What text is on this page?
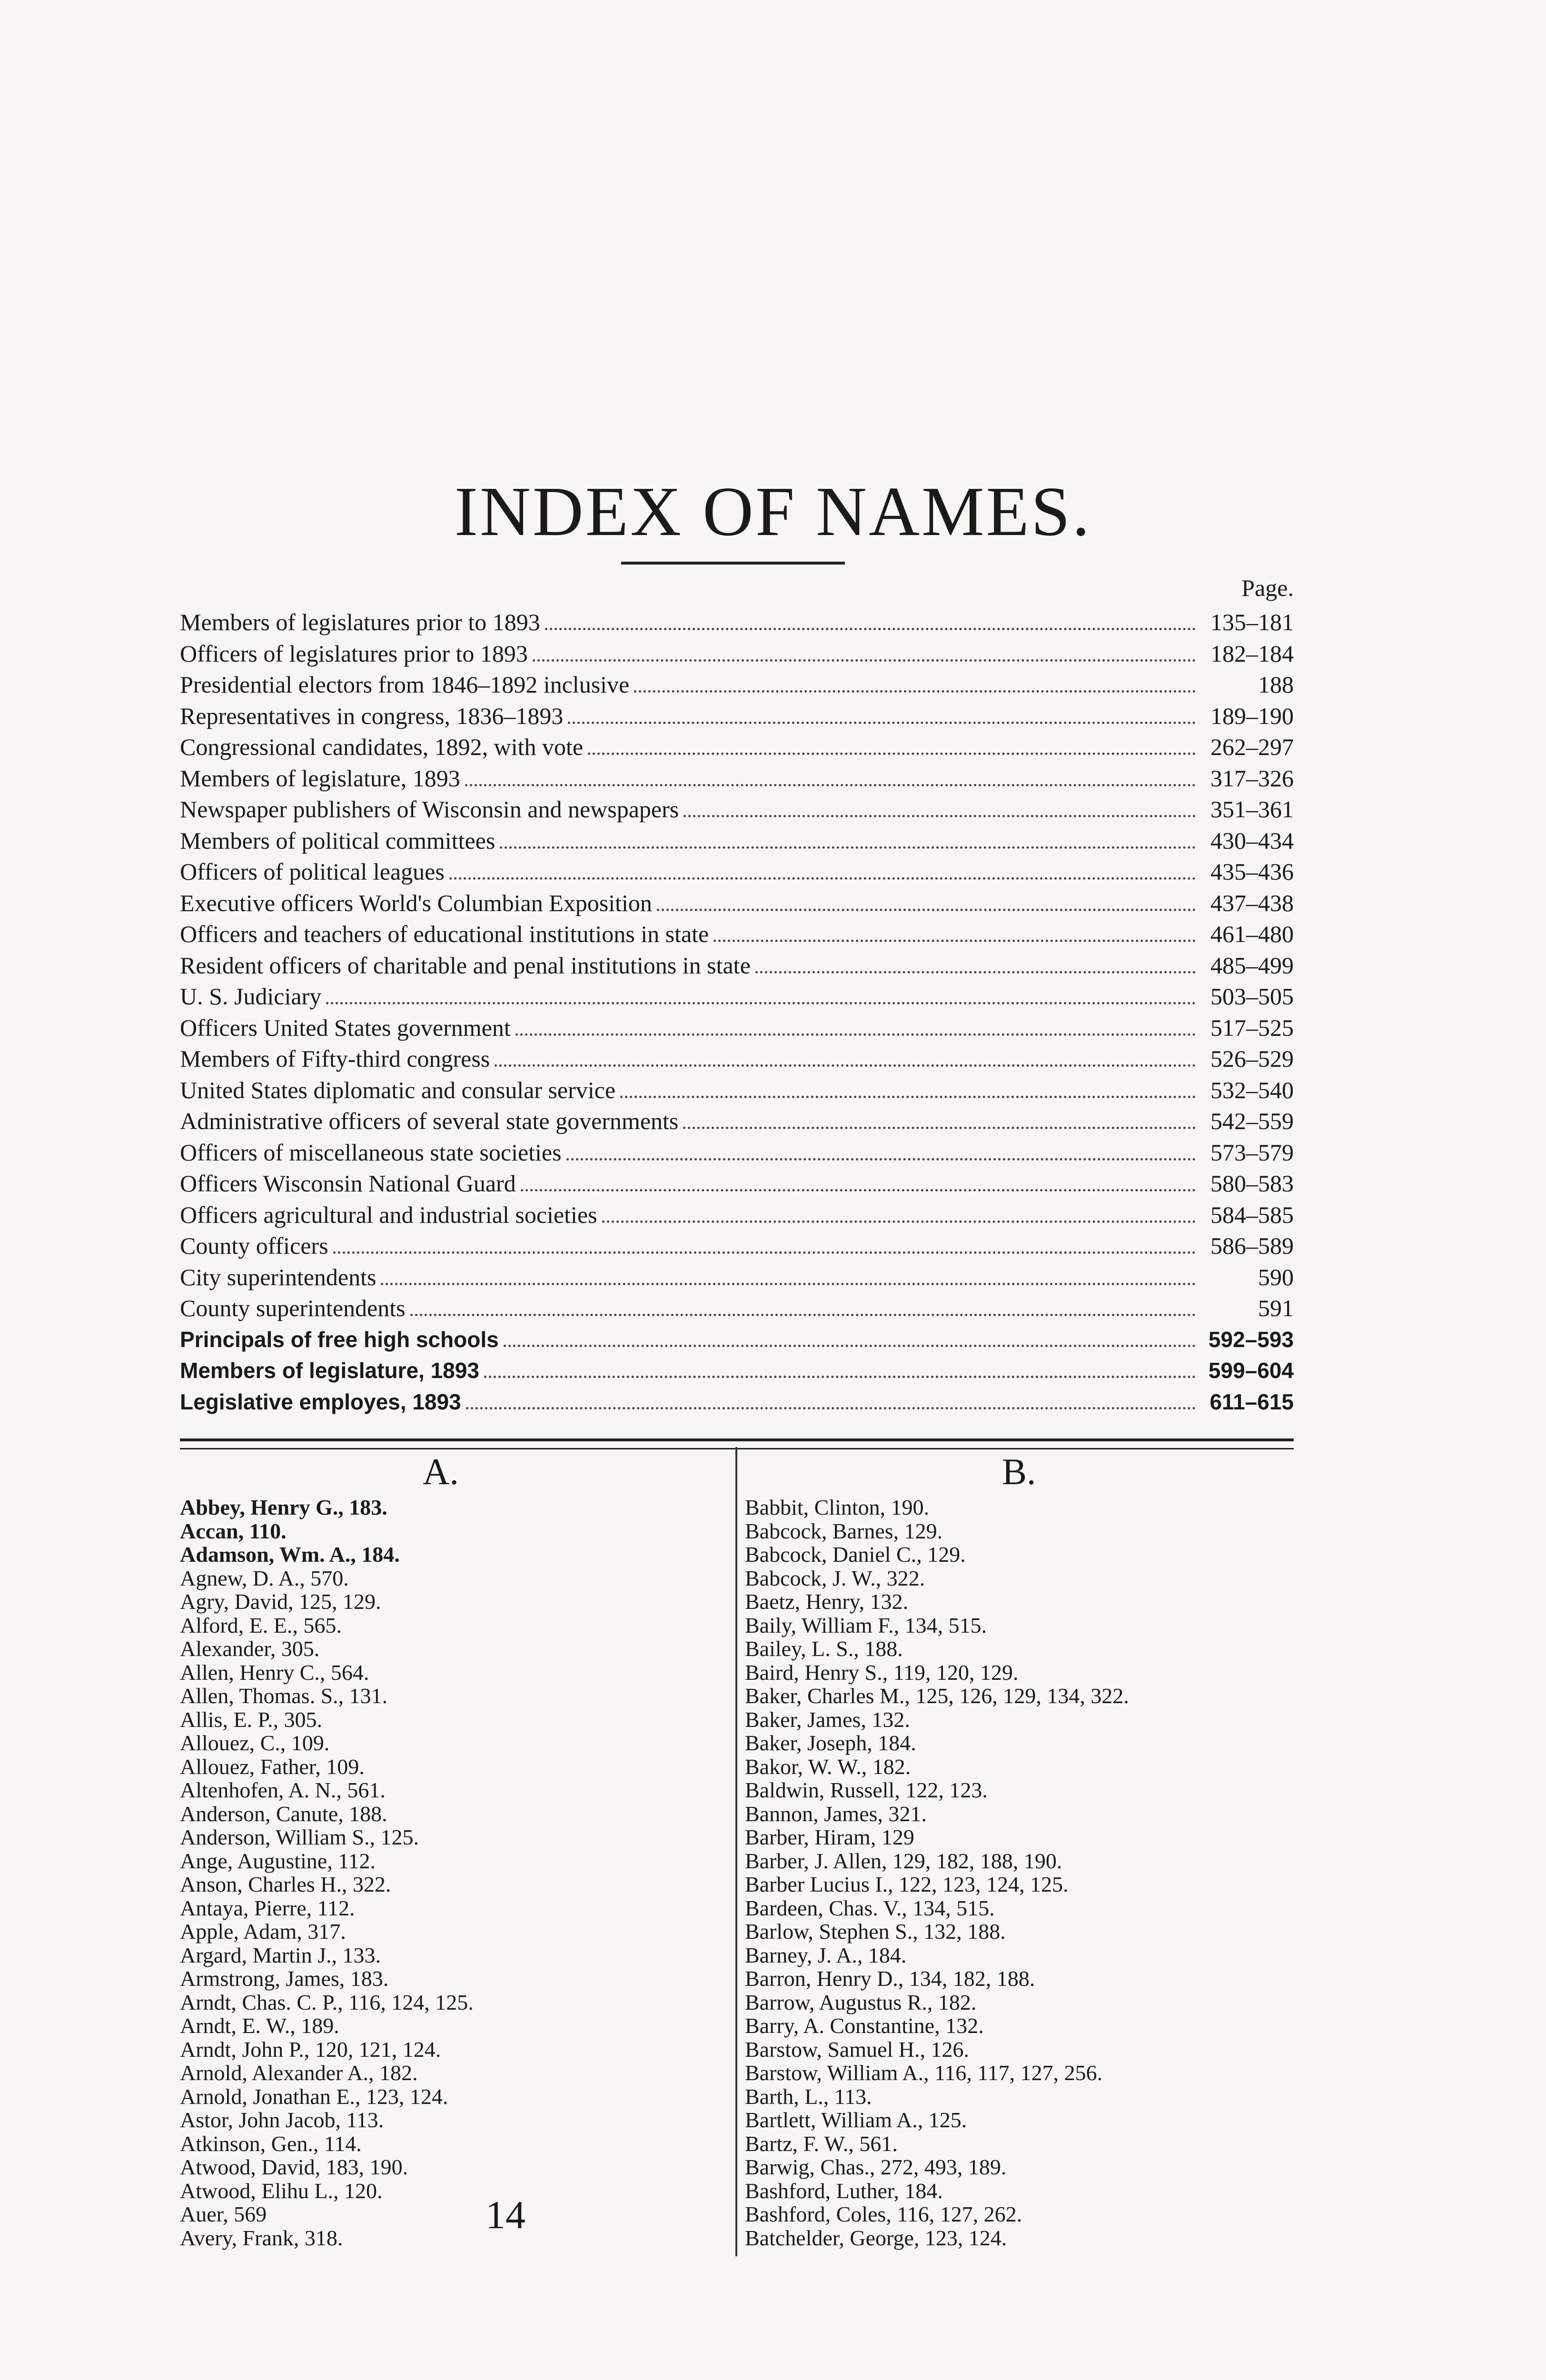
INDEX OF NAMES.
Page.
Members of legislatures prior to 1893	135–181
Officers of legislatures prior to 1893	182–184
Presidential electors from 1846–1892 inclusive	188
Representatives in congress, 1836–1893	189–190
Congressional candidates, 1892, with vote	262–297
Members of legislature, 1893	317–326
Newspaper publishers of Wisconsin and newspapers	351–361
Members of political committees	430–434
Officers of political leagues	435–436
Executive officers World's Columbian Exposition	437–438
Officers and teachers of educational institutions in state	461–480
Resident officers of charitable and penal institutions in state	485–499
U. S. Judiciary	503–505
Officers United States government	517–525
Members of Fifty-third congress	526–529
United States diplomatic and consular service	532–540
Administrative officers of several state governments	542–559
Officers of miscellaneous state societies	573–579
Officers Wisconsin National Guard	580–583
Officers agricultural and industrial societies	584–585
County officers	586–589
City superintendents	590
County superintendents	591
Principals of free high schools	592–593
Members of legislature, 1893	599–604
Legislative employes, 1893	611–615
A.
Abbey, Henry G., 183.
Accan, 110.
Adamson, Wm. A., 184.
Agnew, D. A., 570.
Agry, David, 125, 129.
Alford, E. E., 565.
Alexander, 305.
Allen, Henry C., 564.
Allen, Thomas. S., 131.
Allis, E. P., 305.
Allouez, C., 109.
Allouez, Father, 109.
Altenhofen, A. N., 561.
Anderson, Canute, 188.
Anderson, William S., 125.
Ange, Augustine, 112.
Anson, Charles H., 322.
Antaya, Pierre, 112.
Apple, Adam, 317.
Argard, Martin J., 133.
Armstrong, James, 183.
Arndt, Chas. C. P., 116, 124, 125.
Arndt, E. W., 189.
Arndt, John P., 120, 121, 124.
Arnold, Alexander A., 182.
Arnold, Jonathan E., 123, 124.
Astor, John Jacob, 113.
Atkinson, Gen., 114.
Atwood, David, 183, 190.
Atwood, Elihu L., 120.
Auer, 569
Avery, Frank, 318.
B.
Babbit, Clinton, 190.
Babcock, Barnes, 129.
Babcock, Daniel C., 129.
Babcock, J. W., 322.
Baetz, Henry, 132.
Baily, William F., 134, 515.
Bailey, L. S., 188.
Baird, Henry S., 119, 120, 129.
Baker, Charles M., 125, 126, 129, 134, 322.
Baker, James, 132.
Baker, Joseph, 184.
Bakor, W. W., 182.
Baldwin, Russell, 122, 123.
Bannon, James, 321.
Barber, Hiram, 129
Barber, J. Allen, 129, 182, 188, 190.
Barber Lucius I., 122, 123, 124, 125.
Bardeen, Chas. V., 134, 515.
Barlow, Stephen S., 132, 188.
Barney, J. A., 184.
Barron, Henry D., 134, 182, 188.
Barrow, Augustus R., 182.
Barry, A. Constantine, 132.
Barstow, Samuel H., 126.
Barstow, William A., 116, 117, 127, 256.
Barth, L., 113.
Bartlett, William A., 125.
Bartz, F. W., 561.
Barwig, Chas., 272, 493, 189.
Bashford, Luther, 184.
Bashford, Coles, 116, 127, 262.
Batchelder, George, 123, 124.
14
